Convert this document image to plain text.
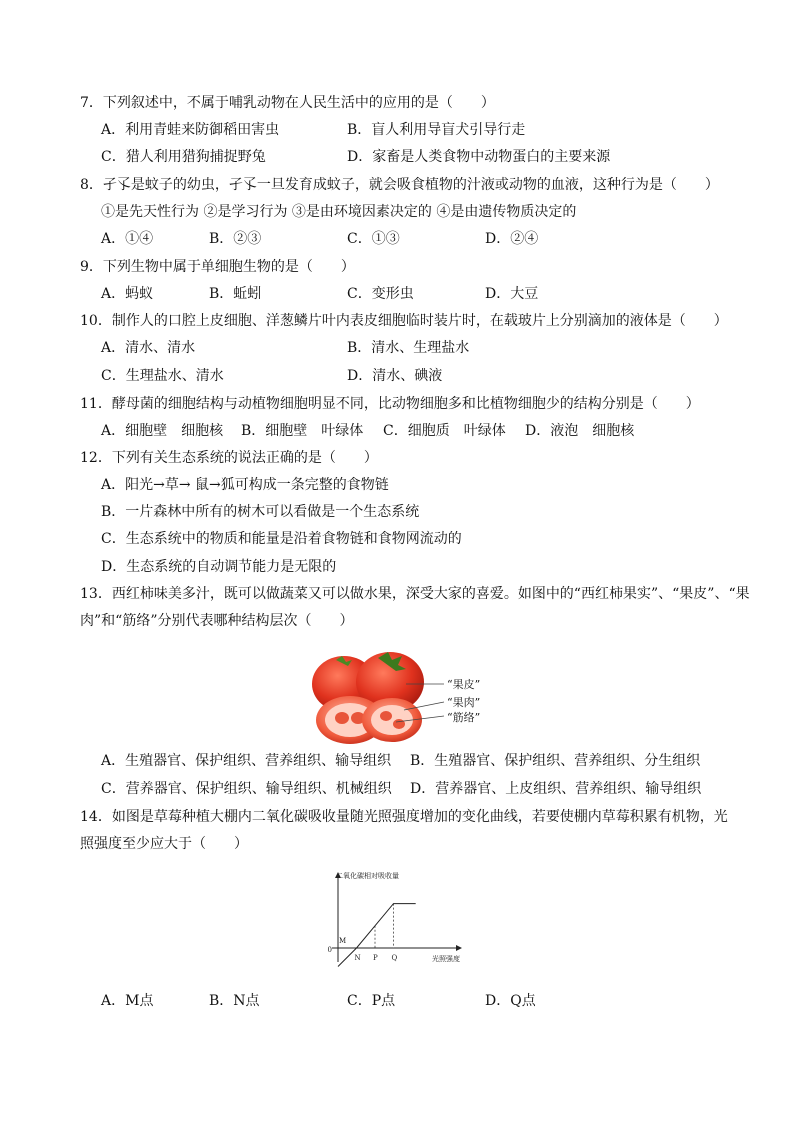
7．下列叙述中，不属于哺乳动物在人民生活中的应用的是（　　）
A．利用青蛙来防御稻田害虫	B．盲人利用导盲犬引导行走
C．猎人利用猎狗捕捉野兔	D．家畜是人类食物中动物蛋白的主要来源
8．孑孓是蚊子的幼虫，孑孓一旦发育成蚊子，就会吸食植物的汁液或动物的血液，这种行为是（　　）
①是先天性行为 ②是学习行为 ③是由环境因素决定的 ④是由遗传物质决定的
A．①④	B．②③	C．①③	D．②④
9．下列生物中属于单细胞生物的是（　　）
A．蚂蚁	B．蚯蚓	C．变形虫	D．大豆
10．制作人的口腔上皮细胞、洋葱鳞片叶内表皮细胞临时装片时，在载玻片上分别滴加的液体是（　　）
A．清水、清水	B．清水、生理盐水
C．生理盐水、清水	D．清水、碘液
11．酵母菌的细胞结构与动植物细胞明显不同，比动物细胞多和比植物细胞少的结构分别是（　　）
A．细胞壁　细胞核 B．细胞壁　叶绿体 C．细胞质　叶绿体 D．液泡　细胞核
12．下列有关生态系统的说法正确的是（　　）
A．阳光→草→ 鼠→狐可构成一条完整的食物链
B．一片森林中所有的树木可以看做是一个生态系统
C．生态系统中的物质和能量是沿着食物链和食物网流动的
D．生态系统的自动调节能力是无限的
13．西红柿味美多汁，既可以做蔬菜又可以做水果，深受大家的喜爱。如图中的“西红柿果实”、“果皮”、“果
肉”和“筋络”分别代表哪种结构层次（　　）
“果皮”
“果肉”
“筋络”
A．生殖器官、保护组织、营养组织、输导组织 B．生殖器官、保护组织、营养组织、分生组织
C．营养器官、保护组织、输导组织、机械组织 D．营养器官、上皮组织、营养组织、输导组织
14．如图是草莓种植大棚内二氧化碳吸收量随光照强度增加的变化曲线，若要使棚内草莓积累有机物，光
照强度至少应大于（　　）
二氧化碳相对吸收量
光照强度
0
M
N P Q
A．M点	B．N点	C．P点	D．Q点
